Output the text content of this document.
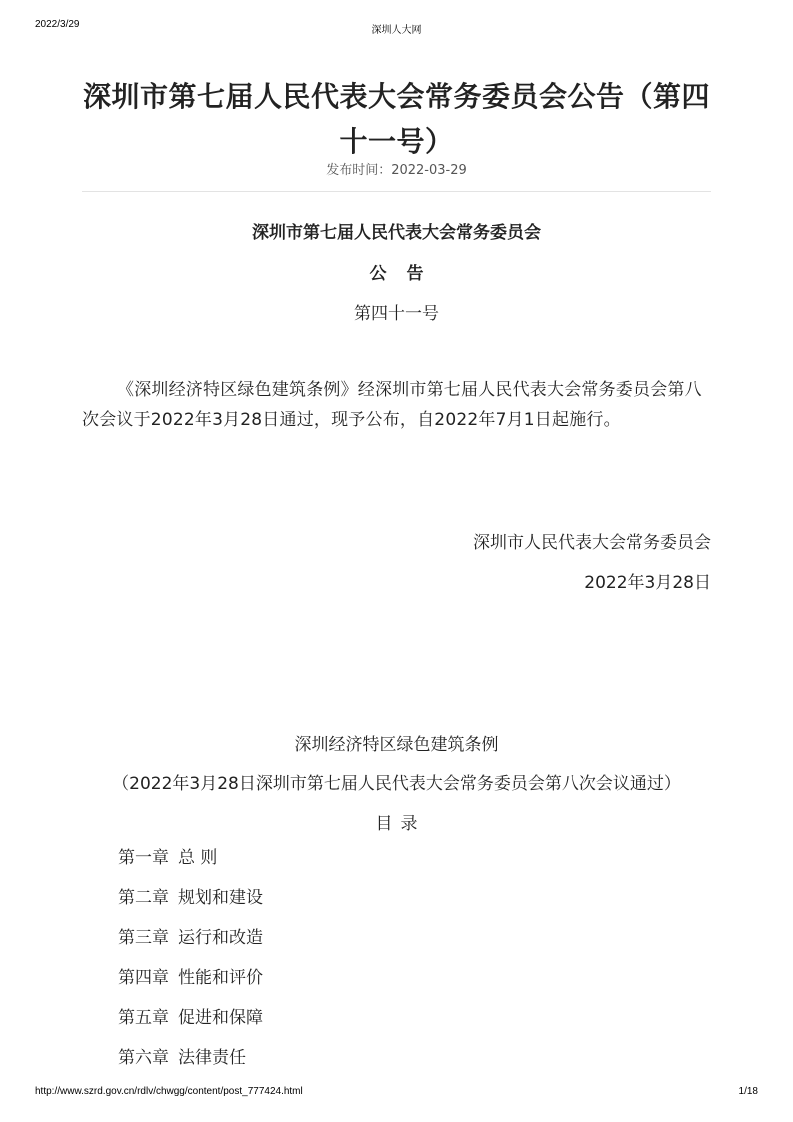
2022/3/29
深圳人大网
深圳市第七届人民代表大会常务委员会公告（第四十一号）
发布时间：2022-03-29
深圳市第七届人民代表大会常务委员会
公告
第四十一号

《深圳经济特区绿色建筑条例》经深圳市第七届人民代表大会常务委员会第八次会议于2022年3月28日通过，现予公布，自2022年7月1日起施行。

深圳市人民代表大会常务委员会
2022年3月28日
深圳经济特区绿色建筑条例
（2022年3月28日深圳市第七届人民代表大会常务委员会第八次会议通过）
目录
第一章 总 则
第二章 规划和建设
第三章 运行和改造
第四章 性能和评价
第五章 促进和保障
第六章 法律责任
http://www.szrd.gov.cn/rdlv/chwgg/content/post_777424.html	1/18
